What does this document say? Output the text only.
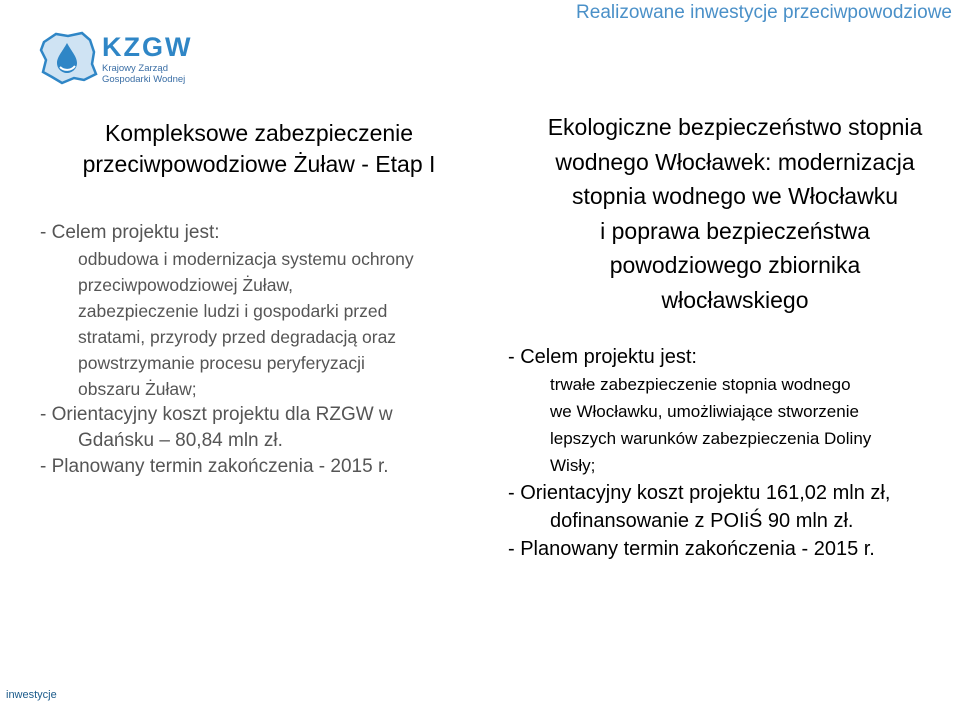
Realizowane inwestycje przeciwpowodziowe
KZGW
Krajowy Zarząd
Gospodarki Wodnej
Kompleksowe zabezpieczenie
przeciwpowodziowe Żuław - Etap I
- Celem projektu jest:
odbudowa i modernizacja systemu ochrony
przeciwpowodziowej Żuław,
zabezpieczenie ludzi i gospodarki przed
stratami, przyrody przed degradacją oraz
powstrzymanie procesu peryferyzacji
obszaru Żuław;
- Orientacyjny koszt projektu dla RZGW w
Gdańsku – 80,84 mln zł.
- Planowany termin zakończenia - 2015 r.
Ekologiczne bezpieczeństwo stopnia
wodnego Włocławek: modernizacja
stopnia wodnego we Włocławku
i poprawa bezpieczeństwa
powodziowego zbiornika
włocławskiego
- Celem projektu jest:
trwałe zabezpieczenie stopnia wodnego
we Włocławku, umożliwiające stworzenie
lepszych warunków zabezpieczenia Doliny
Wisły;
- Orientacyjny koszt projektu 161,02 mln zł,
dofinansowanie z POIiŚ 90 mln zł.
- Planowany termin zakończenia - 2015 r.
inwestycje
